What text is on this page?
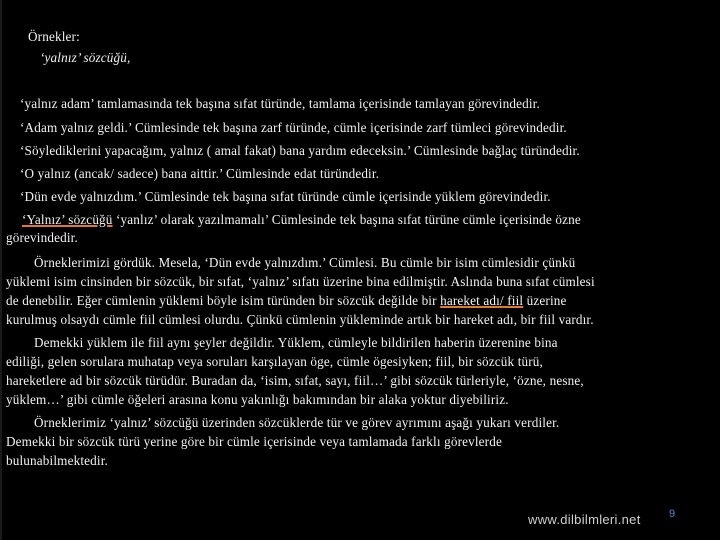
Örnekler:
‘yalnız’ sözcüğü,
‘yalnız adam’ tamlamasında tek başına sıfat türünde, tamlama içerisinde tamlayan görevindedir.
‘Adam yalnız geldi.’ Cümlesinde tek başına zarf türünde, cümle içerisinde zarf tümleci görevindedir.
‘Söylediklerini yapacağım, yalnız ( amal fakat) bana yardım edeceksin.’ Cümlesinde bağlaç türündedir.
‘O yalnız (ancak/ sadece) bana aittir.’ Cümlesinde edat türündedir.
‘Dün evde yalnızdım.’ Cümlesinde tek başına sıfat türünde cümle içerisinde yüklem görevindedir.
‘Yalnız’ sözcüğü ‘yanlız’ olarak yazılmamalı’ Cümlesinde tek başına sıfat türüne cümle içerisinde özne
görevindedir.
Örneklerimizi gördük. Mesela, ‘Dün evde yalnızdım.’ Cümlesi. Bu cümle bir isim cümlesidir çünkü
yüklemi isim cinsinden bir sözcük, bir sıfat, ‘yalnız’ sıfatı üzerine bina edilmiştir. Aslında buna sıfat cümlesi
de denebilir. Eğer cümlenin yüklemi böyle isim türünden bir sözcük değilde bir hareket adı/ fiil üzerine
kurulmuş olsaydı cümle fiil cümlesi olurdu. Çünkü cümlenin yükleminde artık bir hareket adı, bir fiil vardır.
Demekki yüklem ile fiil aynı şeyler değildir. Yüklem, cümleyle bildirilen haberin üzerenine bina
ediliği, gelen sorulara muhatap veya soruları karşılayan öge, cümle ögesiyken; fiil, bir sözcük türü,
hareketlere ad bir sözcük türüdür. Buradan da, ‘isim, sıfat, sayı, fiil…’ gibi sözcük türleriyle, ‘özne, nesne,
yüklem…’ gibi cümle öğeleri arasına konu yakınlığı bakımından bir alaka yoktur diyebiliriz.
Örneklerimiz ‘yalnız’ sözcüğü üzerinden sözcüklerde tür ve görev ayrımını aşağı yukarı verdiler.
Demekki bir sözcük türü yerine göre bir cümle içerisinde veya tamlamada farklı görevlerde
bulunabilmektedir.
www.dilbilmleri.net	9
